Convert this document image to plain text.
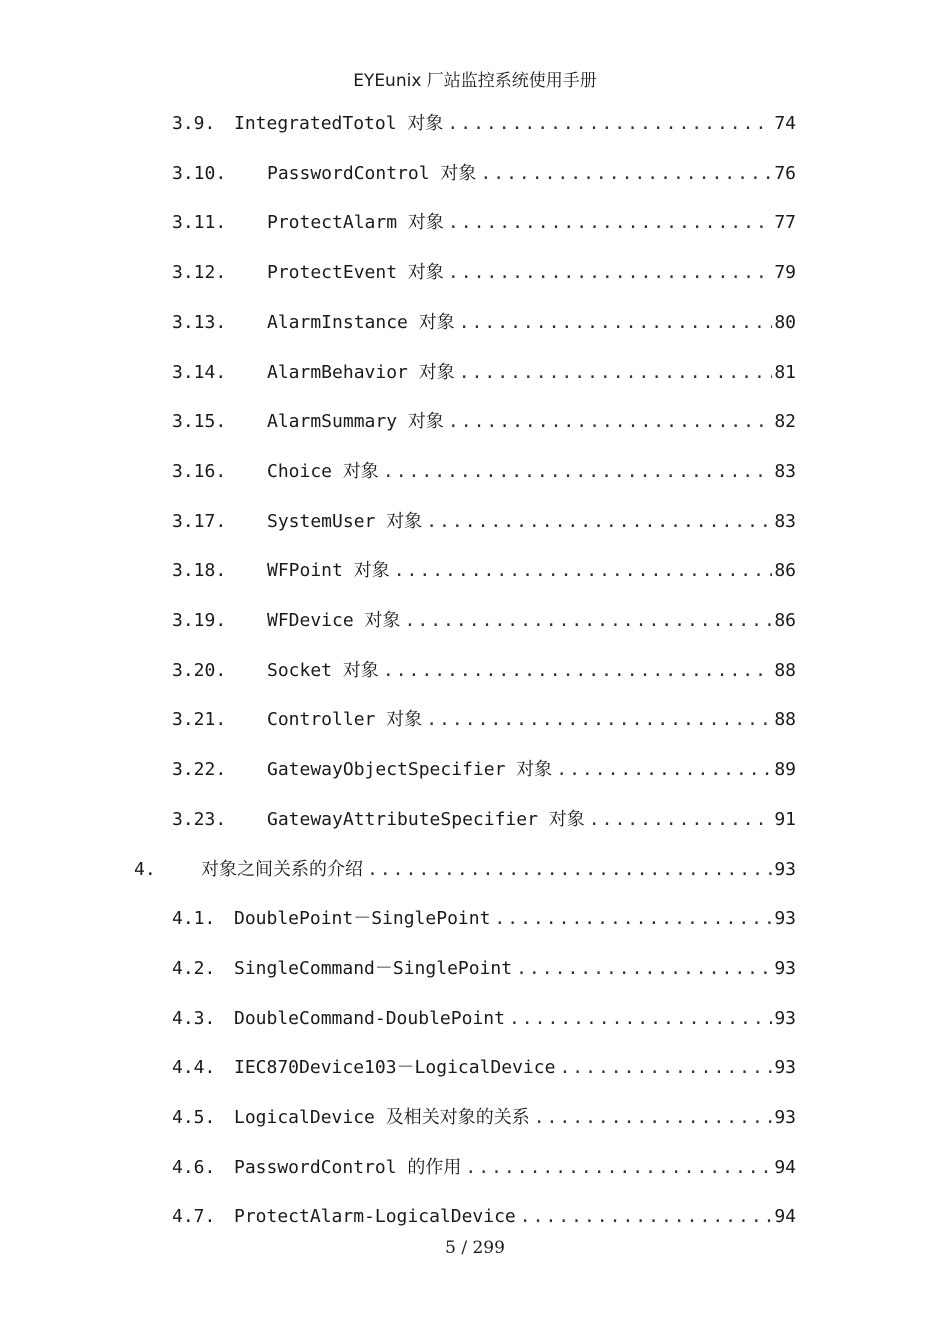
EYEunix 厂站监控系统使用手册
3.9.	IntegratedTotol 对象 .....	74
3.10.	PasswordControl 对象 .....	76
3.11.	ProtectAlarm 对象 .....	77
3.12.	ProtectEvent 对象 .....	79
3.13.	AlarmInstance 对象 .....	80
3.14.	AlarmBehavior 对象 .....	81
3.15.	AlarmSummary 对象 .....	82
3.16.	Choice 对象 .....	83
3.17.	SystemUser 对象 .....	83
3.18.	WFPoint 对象 .....	86
3.19.	WFDevice 对象 .....	86
3.20.	Socket 对象 .....	88
3.21.	Controller 对象 .....	88
3.22.	GatewayObjectSpecifier 对象 .....	89
3.23.	GatewayAttributeSpecifier 对象 .....	91
4.	对象之间关系的介绍 .....	93
4.1.	DoublePoint－SinglePoint .....	93
4.2.	SingleCommand－SinglePoint .....	93
4.3.	DoubleCommand-DoublePoint .....	93
4.4.	IEC870Device103－LogicalDevice .....	93
4.5.	LogicalDevice 及相关对象的关系 .....	93
4.6.	PasswordControl 的作用 .....	94
4.7.	ProtectAlarm-LogicalDevice .....	94
5 / 299
